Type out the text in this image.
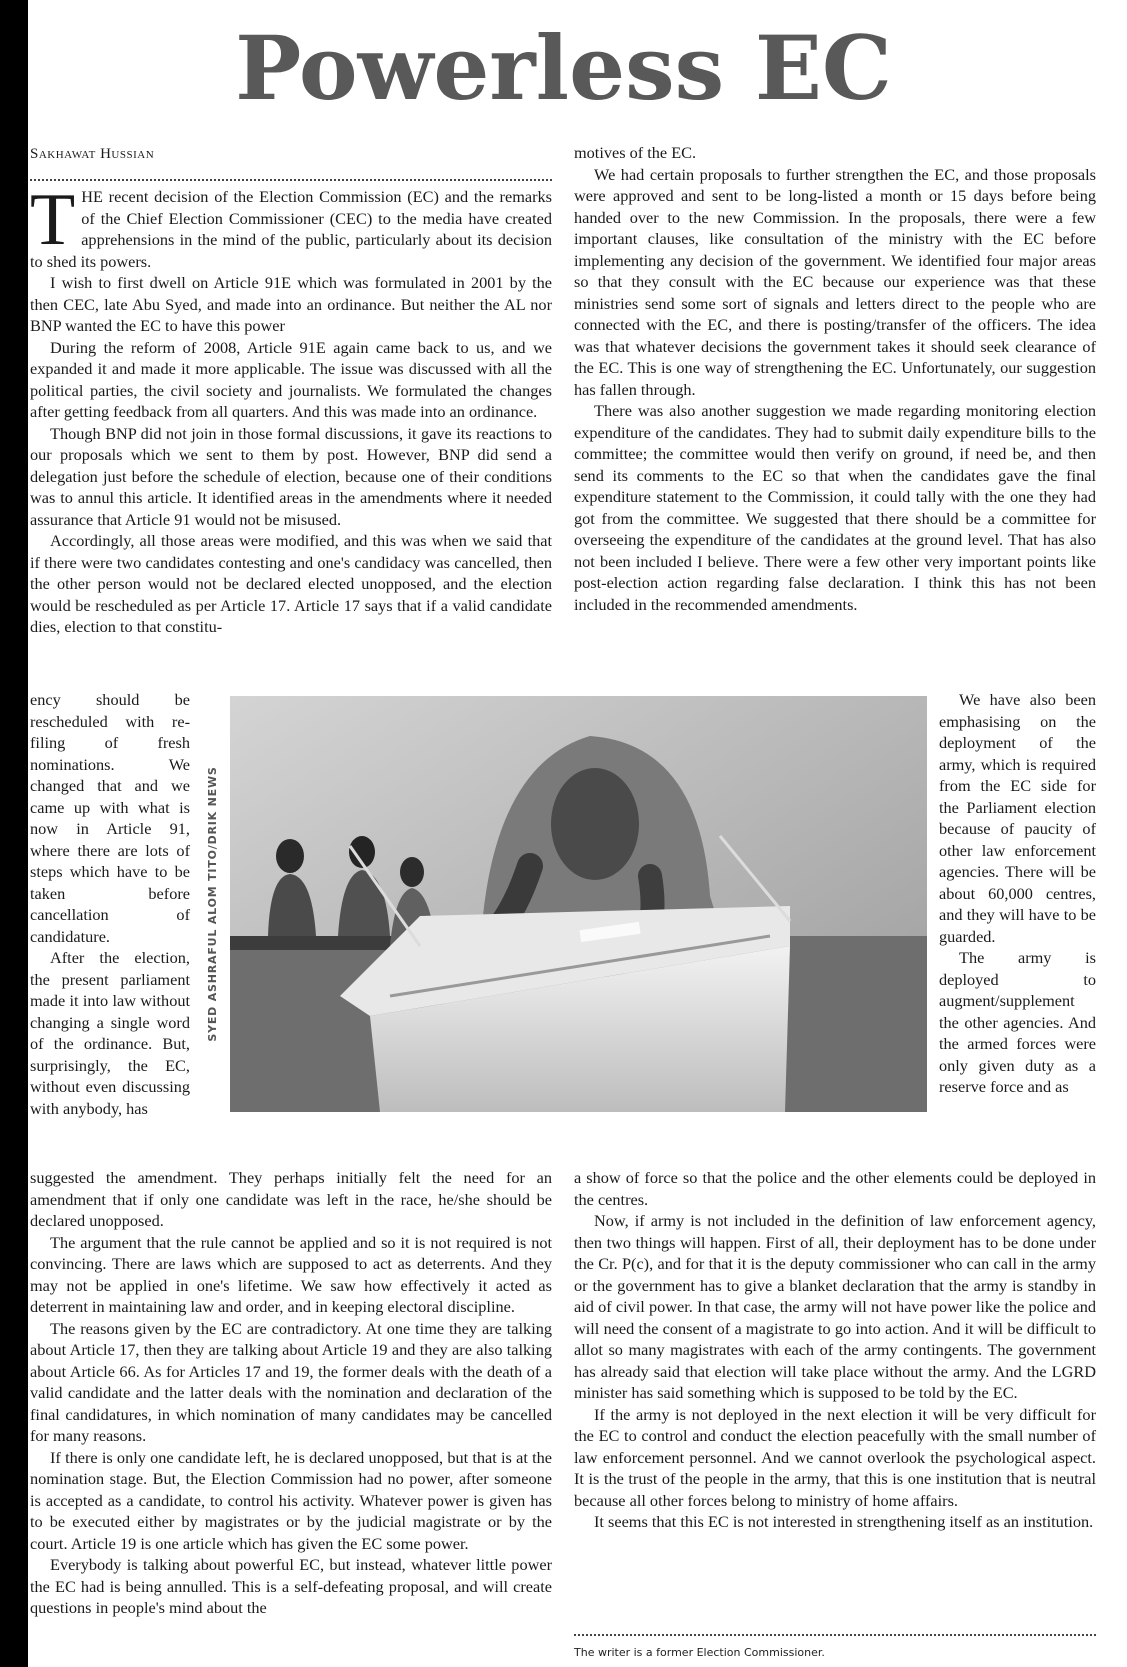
Powerless EC

Sakhawat Hussian

THE recent decision of the Election Commission (EC) and the remarks of the Chief Election Commissioner (CEC) to the media have created apprehensions in the mind of the public, particularly about its decision to shed its powers.

I wish to first dwell on Article 91E which was formulated in 2001 by the then CEC, late Abu Syed, and made into an ordinance. But neither the AL nor BNP wanted the EC to have this power

During the reform of 2008, Article 91E again came back to us, and we expanded it and made it more applicable. The issue was discussed with all the political parties, the civil society and journalists. We formulated the changes after getting feedback from all quarters. And this was made into an ordinance.

Though BNP did not join in those formal discussions, it gave its reactions to our proposals which we sent to them by post. However, BNP did send a delegation just before the schedule of election, because one of their conditions was to annul this article. It identified areas in the amendments where it needed assurance that Article 91 would not be misused.

Accordingly, all those areas were modified, and this was when we said that if there were two candidates contesting and one's candidacy was cancelled, then the other person would not be declared elected unopposed, and the election would be rescheduled as per Article 17. Article 17 says that if a valid candidate dies, election to that constitu-

ency should be rescheduled with re-filing of fresh nominations. We changed that and we came up with what is now in Article 91, where there are lots of steps which have to be taken before cancellation of candidature.

After the election, the present parliament made it into law without changing a single word of the ordinance. But, surprisingly, the EC, without even discussing with anybody, has

suggested the amendment. They perhaps initially felt the need for an amendment that if only one candidate was left in the race, he/she should be declared unopposed.

The argument that the rule cannot be applied and so it is not required is not convincing. There are laws which are supposed to act as deterrents. And they may not be applied in one's lifetime. We saw how effectively it acted as deterrent in maintaining law and order, and in keeping electoral discipline.

The reasons given by the EC are contradictory. At one time they are talking about Article 17, then they are talking about Article 19 and they are also talking about Article 66. As for Articles 17 and 19, the former deals with the death of a valid candidate and the latter deals with the nomination and declaration of the final candidatures, in which nomination of many candidates may be cancelled for many reasons.

If there is only one candidate left, he is declared unopposed, but that is at the nomination stage. But, the Election Commission had no power, after someone is accepted as a candidate, to control his activity. Whatever power is given has to be executed either by magistrates or by the judicial magistrate or by the court. Article 19 is one article which has given the EC some power.

Everybody is talking about powerful EC, but instead, whatever little power the EC had is being annulled. This is a self-defeating proposal, and will create questions in people's mind about the

motives of the EC.

We had certain proposals to further strengthen the EC, and those proposals were approved and sent to be long-listed a month or 15 days before being handed over to the new Commission. In the proposals, there were a few important clauses, like consultation of the ministry with the EC before implementing any decision of the government. We identified four major areas so that they consult with the EC because our experience was that these ministries send some sort of signals and letters direct to the people who are connected with the EC, and there is posting/transfer of the officers. The idea was that whatever decisions the government takes it should seek clearance of the EC. This is one way of strengthening the EC. Unfortunately, our suggestion has fallen through.

There was also another suggestion we made regarding monitoring election expenditure of the candidates. They had to submit daily expenditure bills to the committee; the committee would then verify on ground, if need be, and then send its comments to the EC so that when the candidates gave the final expenditure statement to the Commission, it could tally with the one they had got from the committee. We suggested that there should be a committee for overseeing the expenditure of the candidates at the ground level. That has also not been included I believe. There were a few other very important points like post-election action regarding false declaration. I think this has not been included in the recommended amendments.

We have also been emphasising on the deployment of the army, which is required from the EC side for the Parliament election because of paucity of other law enforcement agencies. There will be about 60,000 centres, and they will have to be guarded.

The army is deployed to augment/supplement the other agencies. And the armed forces were only given duty as a reserve force and as

a show of force so that the police and the other elements could be deployed in the centres.

Now, if army is not included in the definition of law enforcement agency, then two things will happen. First of all, their deployment has to be done under the Cr. P(c), and for that it is the deputy commissioner who can call in the army or the government has to give a blanket declaration that the army is standby in aid of civil power. In that case, the army will not have power like the police and will need the consent of a magistrate to go into action. And it will be difficult to allot so many magistrates with each of the army contingents. The government has already said that election will take place without the army. And the LGRD minister has said something which is supposed to be told by the EC.

If the army is not deployed in the next election it will be very difficult for the EC to control and conduct the election peacefully with the small number of law enforcement personnel. And we cannot overlook the psychological aspect. It is the trust of the people in the army, that this is one institution that is neutral because all other forces belong to ministry of home affairs.

It seems that this EC is not interested in strengthening itself as an institution.

The writer is a former Election Commissioner.

SYED ASHRAFUL ALOM TITO/DRIK NEWS
